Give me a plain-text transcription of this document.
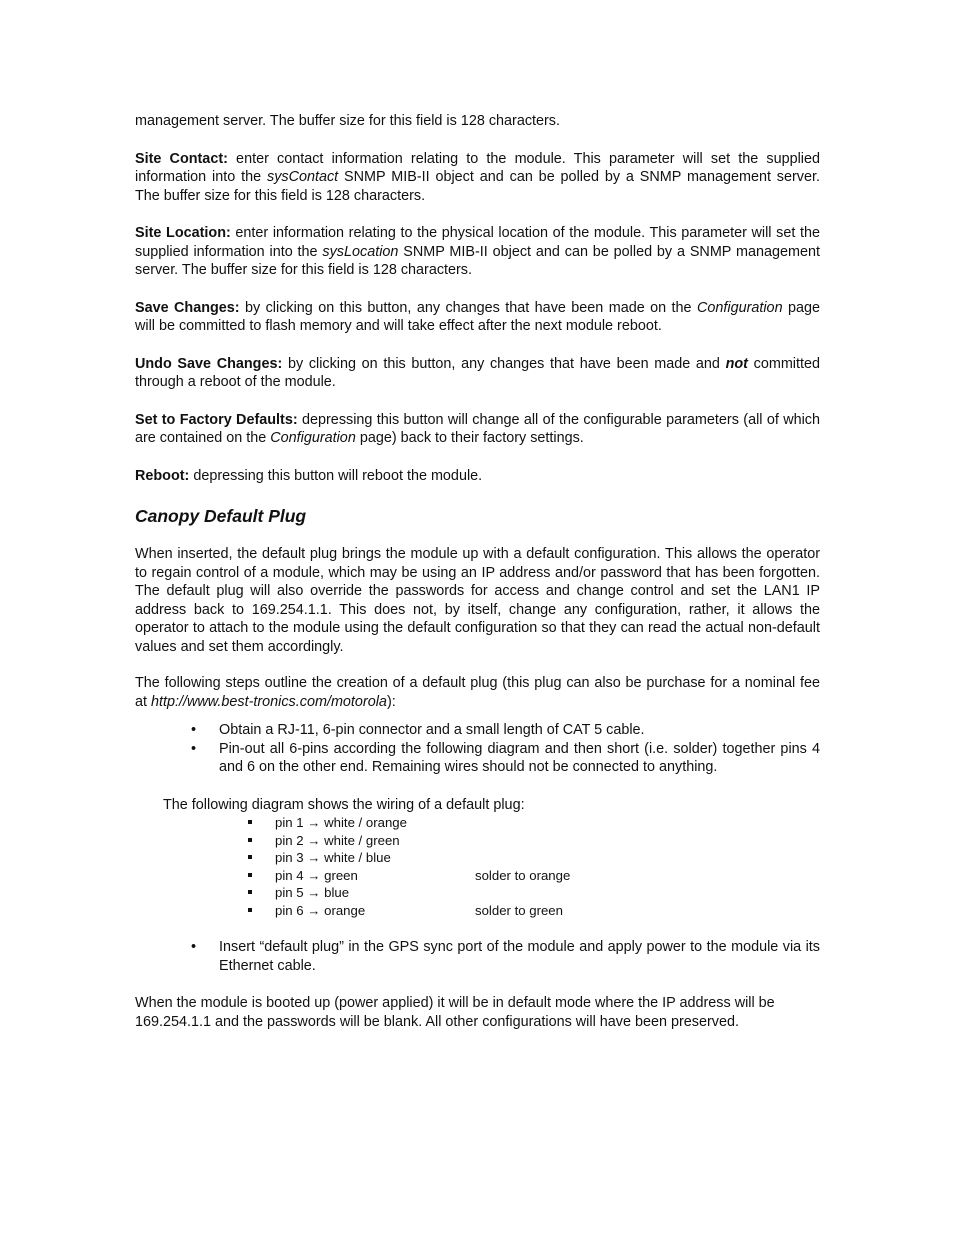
management server. The buffer size for this field is 128 characters.

Site Contact: enter contact information relating to the module. This parameter will set the supplied information into the sysContact SNMP MIB-II object and can be polled by a SNMP management server. The buffer size for this field is 128 characters.

Site Location: enter information relating to the physical location of the module. This parameter will set the supplied information into the sysLocation SNMP MIB-II object and can be polled by a SNMP management server. The buffer size for this field is 128 characters.

Save Changes: by clicking on this button, any changes that have been made on the Configuration page will be committed to flash memory and will take effect after the next module reboot.

Undo Save Changes: by clicking on this button, any changes that have been made and not committed through a reboot of the module.

Set to Factory Defaults: depressing this button will change all of the configurable parameters (all of which are contained on the Configuration page) back to their factory settings.

Reboot: depressing this button will reboot the module.

Canopy Default Plug

When inserted, the default plug brings the module up with a default configuration. This allows the operator to regain control of a module, which may be using an IP address and/or password that has been forgotten. The default plug will also override the passwords for access and change control and set the LAN1 IP address back to 169.254.1.1. This does not, by itself, change any configuration, rather, it allows the operator to attach to the module using the default configuration so that they can read the actual non-default values and set them accordingly.

The following steps outline the creation of a default plug (this plug can also be purchase for a nominal fee at http://www.best-tronics.com/motorola):

• Obtain a RJ-11, 6-pin connector and a small length of CAT 5 cable.
• Pin-out all 6-pins according the following diagram and then short (i.e. solder) together pins 4 and 6 on the other end. Remaining wires should not be connected to anything.

The following diagram shows the wiring of a default plug:

pin 1 → white / orange
pin 2 → white / green
pin 3 → white / blue
pin 4 → green	solder to orange
pin 5 → blue
pin 6 → orange	solder to green
• Insert “default plug” in the GPS sync port of the module and apply power to the module via its Ethernet cable.

When the module is booted up (power applied) it will be in default mode where the IP address will be 169.254.1.1 and the passwords will be blank. All other configurations will have been preserved.
